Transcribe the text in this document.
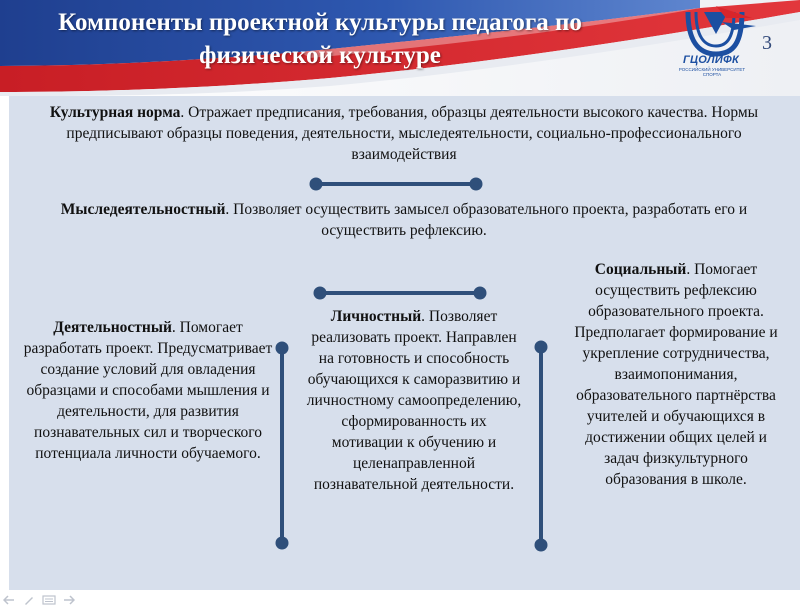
Компоненты проектной культуры педагога по
физической культуре	ГЦОЛИФК
РОССИЙСКИЙ УНИВЕРСИТЕТ СПОРТА
3
Культурная норма. Отражает предписания, требования, образцы деятельности высокого качества. Нормы предписывают образцы поведения, деятельности, мыследеятельности, социально-профессионального взаимодействия
Мыследеятельностный. Позволяет осуществить замысел образовательного проекта, разработать его и осуществить рефлексию.
Деятельностный. Помогает разработать проект. Предусматривает создание условий для овладения образцами и способами мышления и деятельности, для развития познавательных сил и творческого потенциала личности обучаемого.
Личностный. Позволяет реализовать проект. Направлен на готовность и способность обучающихся к саморазвитию и личностному самоопределению, сформированность их мотивации к обучению и целенаправленной познавательной деятельности.
Социальный. Помогает осуществить рефлексию образовательного проекта. Предполагает формирование и укрепление сотрудничества, взаимопонимания, образовательного партнёрства учителей и обучающихся в достижении общих целей и задач физкультурного образования в школе.
